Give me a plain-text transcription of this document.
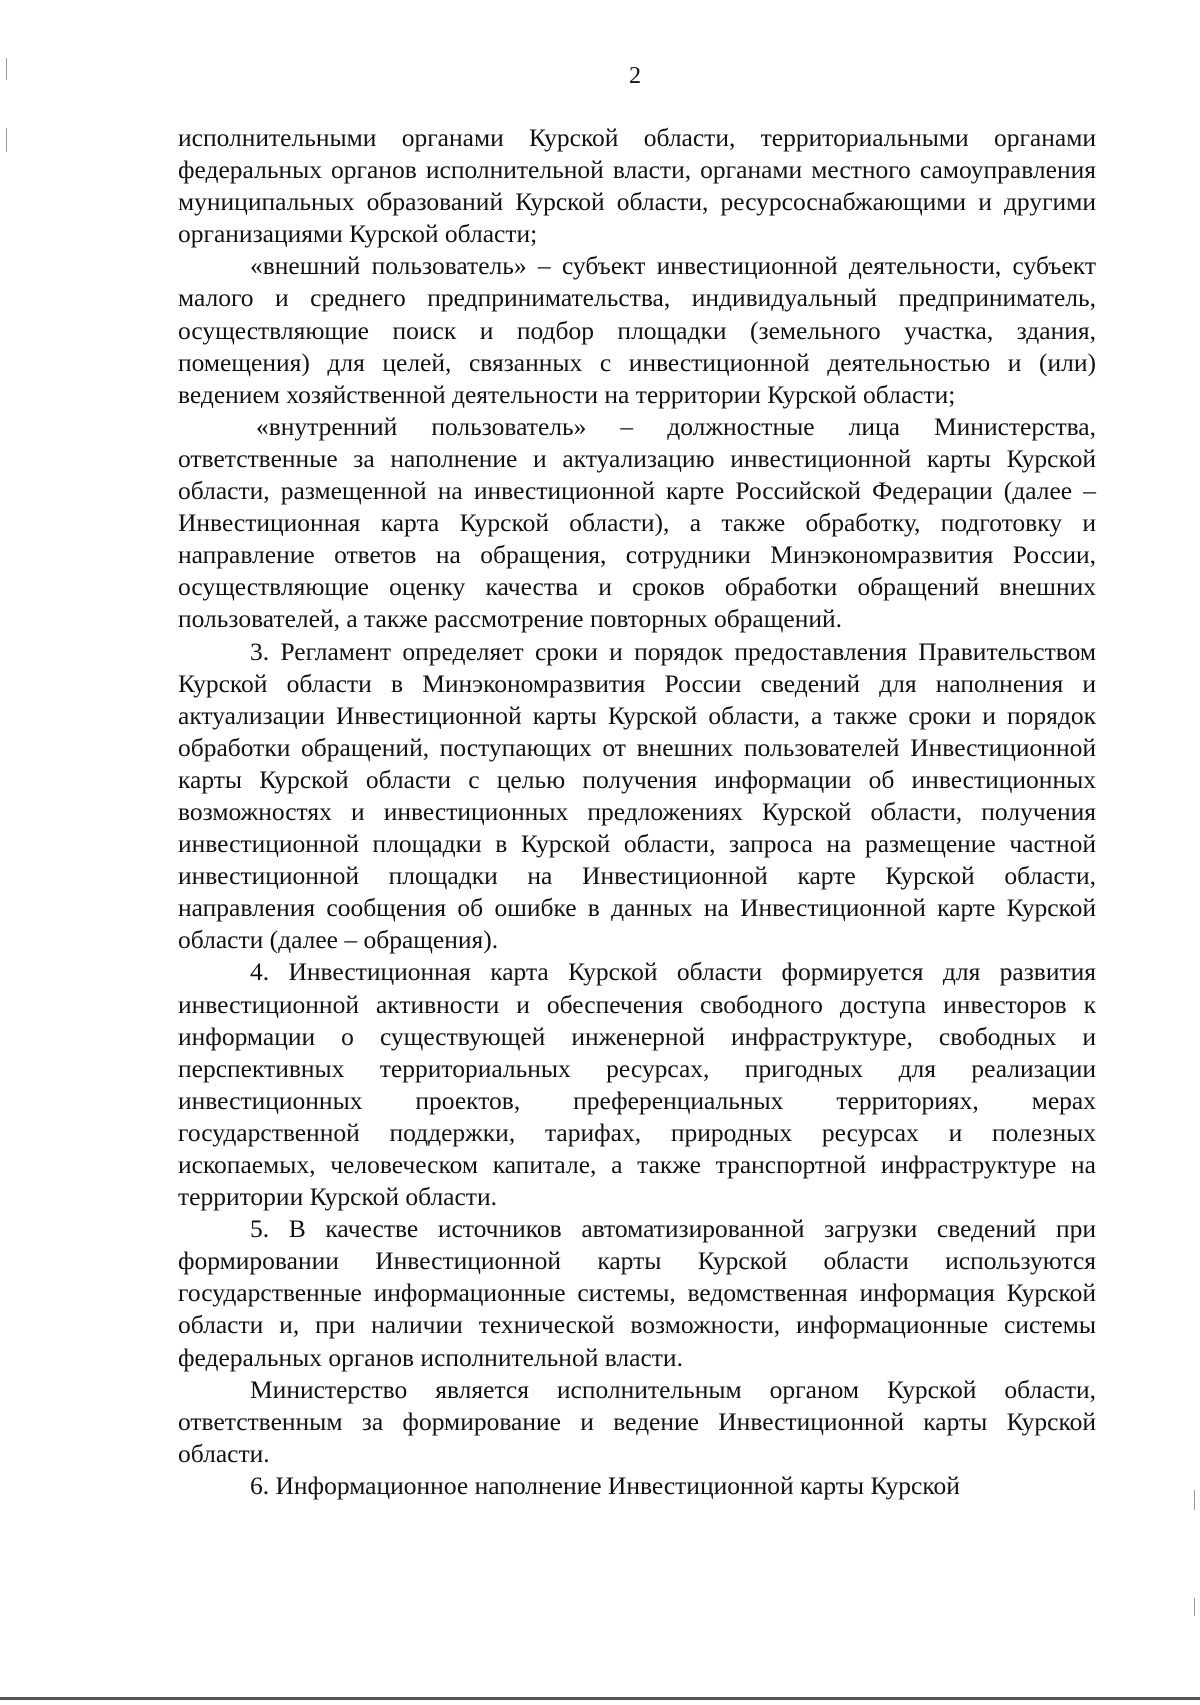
2

исполнительными органами Курской области, территориальными органами федеральных органов исполнительной власти, органами местного самоуправления муниципальных образований Курской области, ресурсоснабжающими и другими организациями Курской области;

«внешний пользователь» – субъект инвестиционной деятельности, субъект малого и среднего предпринимательства, индивидуальный предприниматель, осуществляющие поиск и подбор площадки (земельного участка, здания, помещения) для целей, связанных с инвестиционной деятельностью и (или) ведением хозяйственной деятельности на территории Курской области;

«внутренний пользователь» – должностные лица Министерства, ответственные за наполнение и актуализацию инвестиционной карты Курской области, размещенной на инвестиционной карте Российской Федерации (далее – Инвестиционная карта Курской области), а также обработку, подготовку и направление ответов на обращения, сотрудники Минэкономразвития России, осуществляющие оценку качества и сроков обработки обращений внешних пользователей, а также рассмотрение повторных обращений.

3. Регламент определяет сроки и порядок предоставления Правительством Курской области в Минэкономразвития России сведений для наполнения и актуализации Инвестиционной карты Курской области, а также сроки и порядок обработки обращений, поступающих от внешних пользователей Инвестиционной карты Курской области с целью получения информации об инвестиционных возможностях и инвестиционных предложениях Курской области, получения инвестиционной площадки в Курской области, запроса на размещение частной инвестиционной площадки на Инвестиционной карте Курской области, направления сообщения об ошибке в данных на Инвестиционной карте Курской области (далее – обращения).

4. Инвестиционная карта Курской области формируется для развития инвестиционной активности и обеспечения свободного доступа инвесторов к информации о существующей инженерной инфраструктуре, свободных и перспективных территориальных ресурсах, пригодных для реализации инвестиционных проектов, преференциальных территориях, мерах государственной поддержки, тарифах, природных ресурсах и полезных ископаемых, человеческом капитале, а также транспортной инфраструктуре на территории Курской области.

5. В качестве источников автоматизированной загрузки сведений при формировании Инвестиционной карты Курской области используются государственные информационные системы, ведомственная информация Курской области и, при наличии технической возможности, информационные системы федеральных органов исполнительной власти.

Министерство является исполнительным органом Курской области, ответственным за формирование и ведение Инвестиционной карты Курской области.

6. Информационное наполнение Инвестиционной карты Курской
